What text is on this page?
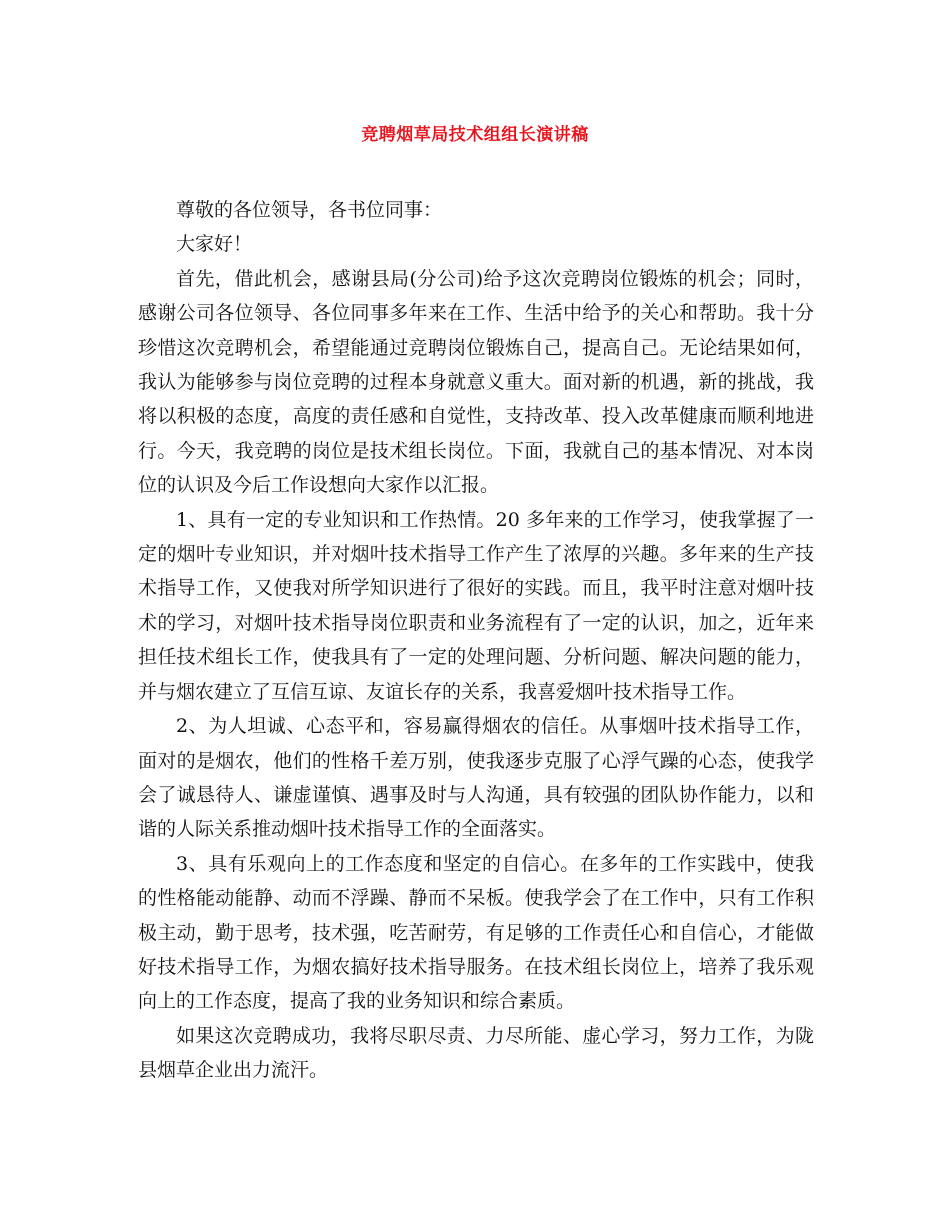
竞聘烟草局技术组组长演讲稿

尊敬的各位领导，各书位同事：

大家好！

首先，借此机会，感谢县局(分公司)给予这次竞聘岗位锻炼的机会；同时，感谢公司各位领导、各位同事多年来在工作、生活中给予的关心和帮助。我十分珍惜这次竞聘机会，希望能通过竞聘岗位锻炼自己，提高自己。无论结果如何，我认为能够参与岗位竞聘的过程本身就意义重大。面对新的机遇，新的挑战，我将以积极的态度，高度的责任感和自觉性，支持改革、投入改革健康而顺利地进行。今天，我竞聘的岗位是技术组长岗位。下面，我就自己的基本情况、对本岗位的认识及今后工作设想向大家作以汇报。

1、具有一定的专业知识和工作热情。20 多年来的工作学习，使我掌握了一定的烟叶专业知识，并对烟叶技术指导工作产生了浓厚的兴趣。多年来的生产技术指导工作，又使我对所学知识进行了很好的实践。而且，我平时注意对烟叶技术的学习，对烟叶技术指导岗位职责和业务流程有了一定的认识，加之，近年来担任技术组长工作，使我具有了一定的处理问题、分析问题、解决问题的能力，并与烟农建立了互信互谅、友谊长存的关系，我喜爱烟叶技术指导工作。

2、为人坦诚、心态平和，容易赢得烟农的信任。从事烟叶技术指导工作，面对的是烟农，他们的性格千差万别，使我逐步克服了心浮气躁的心态，使我学会了诚恳待人、谦虚谨慎、遇事及时与人沟通，具有较强的团队协作能力，以和谐的人际关系推动烟叶技术指导工作的全面落实。

3、具有乐观向上的工作态度和坚定的自信心。在多年的工作实践中，使我的性格能动能静、动而不浮躁、静而不呆板。使我学会了在工作中，只有工作积极主动，勤于思考，技术强，吃苦耐劳，有足够的工作责任心和自信心，才能做好技术指导工作，为烟农搞好技术指导服务。在技术组长岗位上，培养了我乐观向上的工作态度，提高了我的业务知识和综合素质。

如果这次竞聘成功，我将尽职尽责、力尽所能、虚心学习，努力工作，为陇县烟草企业出力流汗。
